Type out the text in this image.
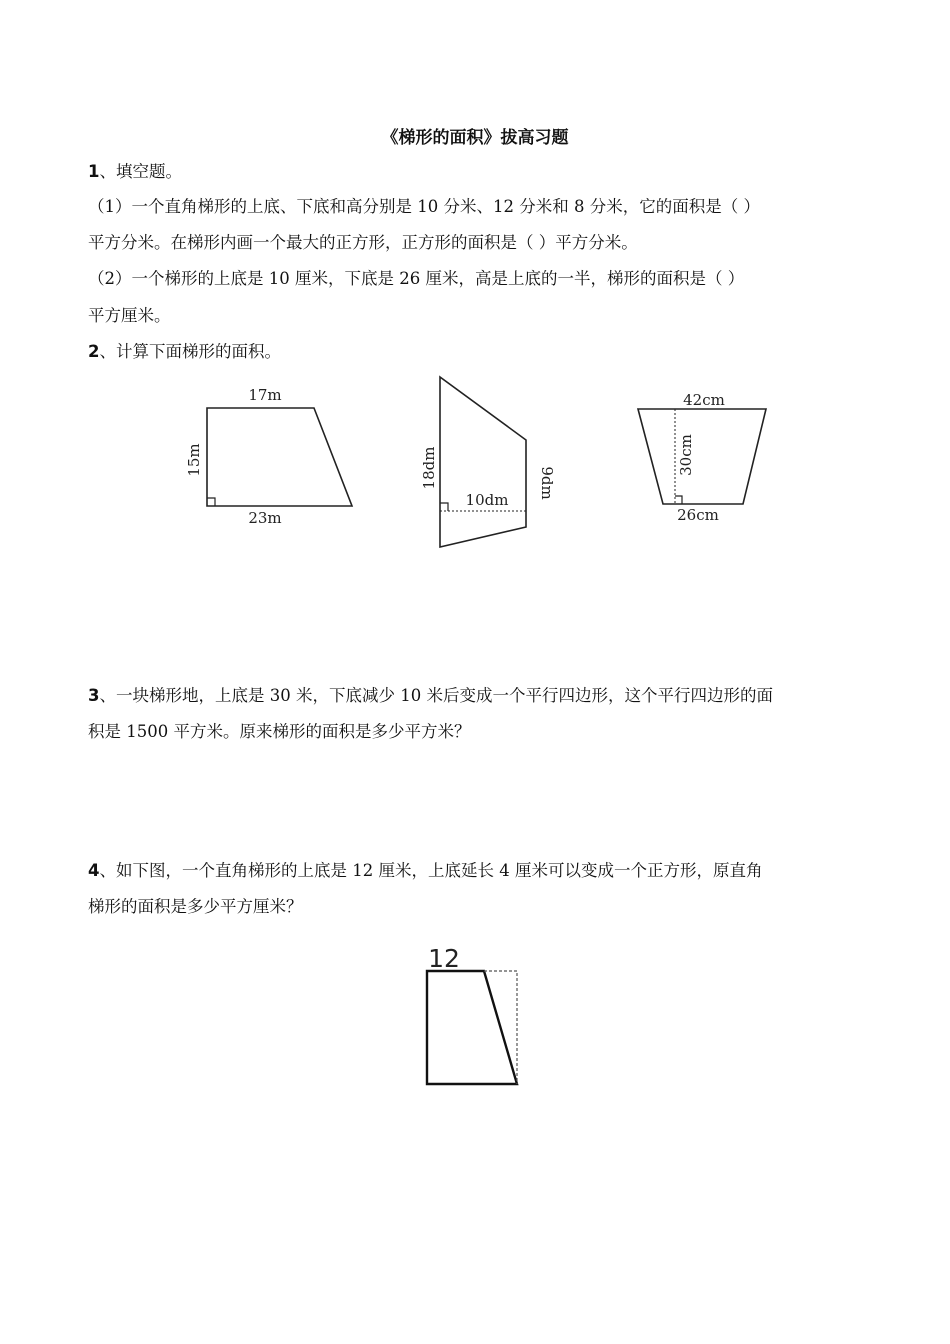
《梯形的面积》拔高习题
1、填空题。
（1）一个直角梯形的上底、下底和高分别是 10 分米、12 分米和 8 分米，它的面积是（ ）
平方分米。在梯形内画一个最大的正方形，正方形的面积是（ ）平方分米。
（2）一个梯形的上底是 10 厘米，下底是 26 厘米，高是上底的一半，梯形的面积是（ ）
平方厘米。
2、计算下面梯形的面积。
17m
23m
15m
10dm
18dm	9dm
42cm
26cm
30cm
3、一块梯形地，上底是 30 米，下底减少 10 米后变成一个平行四边形，这个平行四边形的面
积是 1500 平方米。原来梯形的面积是多少平方米？
4、如下图，一个直角梯形的上底是 12 厘米，上底延长 4 厘米可以变成一个正方形，原直角
梯形的面积是多少平方厘米？
12
